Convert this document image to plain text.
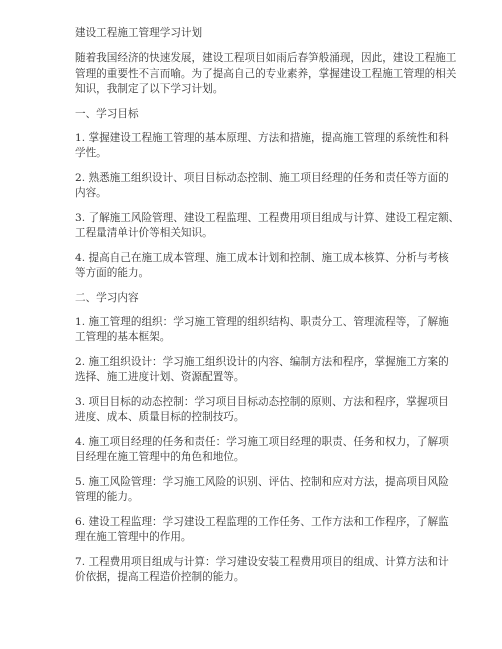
建设工程施工管理学习计划
随着我国经济的快速发展，建设工程项目如雨后春笋般涌现，因此，建设工程施工
管理的重要性不言而喻。为了提高自己的专业素养，掌握建设工程施工管理的相关
知识，我制定了以下学习计划。
一、学习目标
1. 掌握建设工程施工管理的基本原理、方法和措施，提高施工管理的系统性和科
学性。
2. 熟悉施工组织设计、项目目标动态控制、施工项目经理的任务和责任等方面的
内容。
3. 了解施工风险管理、建设工程监理、工程费用项目组成与计算、建设工程定额、
工程量清单计价等相关知识。
4. 提高自己在施工成本管理、施工成本计划和控制、施工成本核算、分析与考核
等方面的能力。
二、学习内容
1. 施工管理的组织：学习施工管理的组织结构、职责分工、管理流程等，了解施
工管理的基本框架。
2. 施工组织设计：学习施工组织设计的内容、编制方法和程序，掌握施工方案的
选择、施工进度计划、资源配置等。
3. 项目目标的动态控制：学习项目目标动态控制的原则、方法和程序，掌握项目
进度、成本、质量目标的控制技巧。
4. 施工项目经理的任务和责任：学习施工项目经理的职责、任务和权力，了解项
目经理在施工管理中的角色和地位。
5. 施工风险管理：学习施工风险的识别、评估、控制和应对方法，提高项目风险
管理的能力。
6. 建设工程监理：学习建设工程监理的工作任务、工作方法和工作程序，了解监
理在施工管理中的作用。
7. 工程费用项目组成与计算：学习建设安装工程费用项目的组成、计算方法和计
价依据，提高工程造价控制的能力。
